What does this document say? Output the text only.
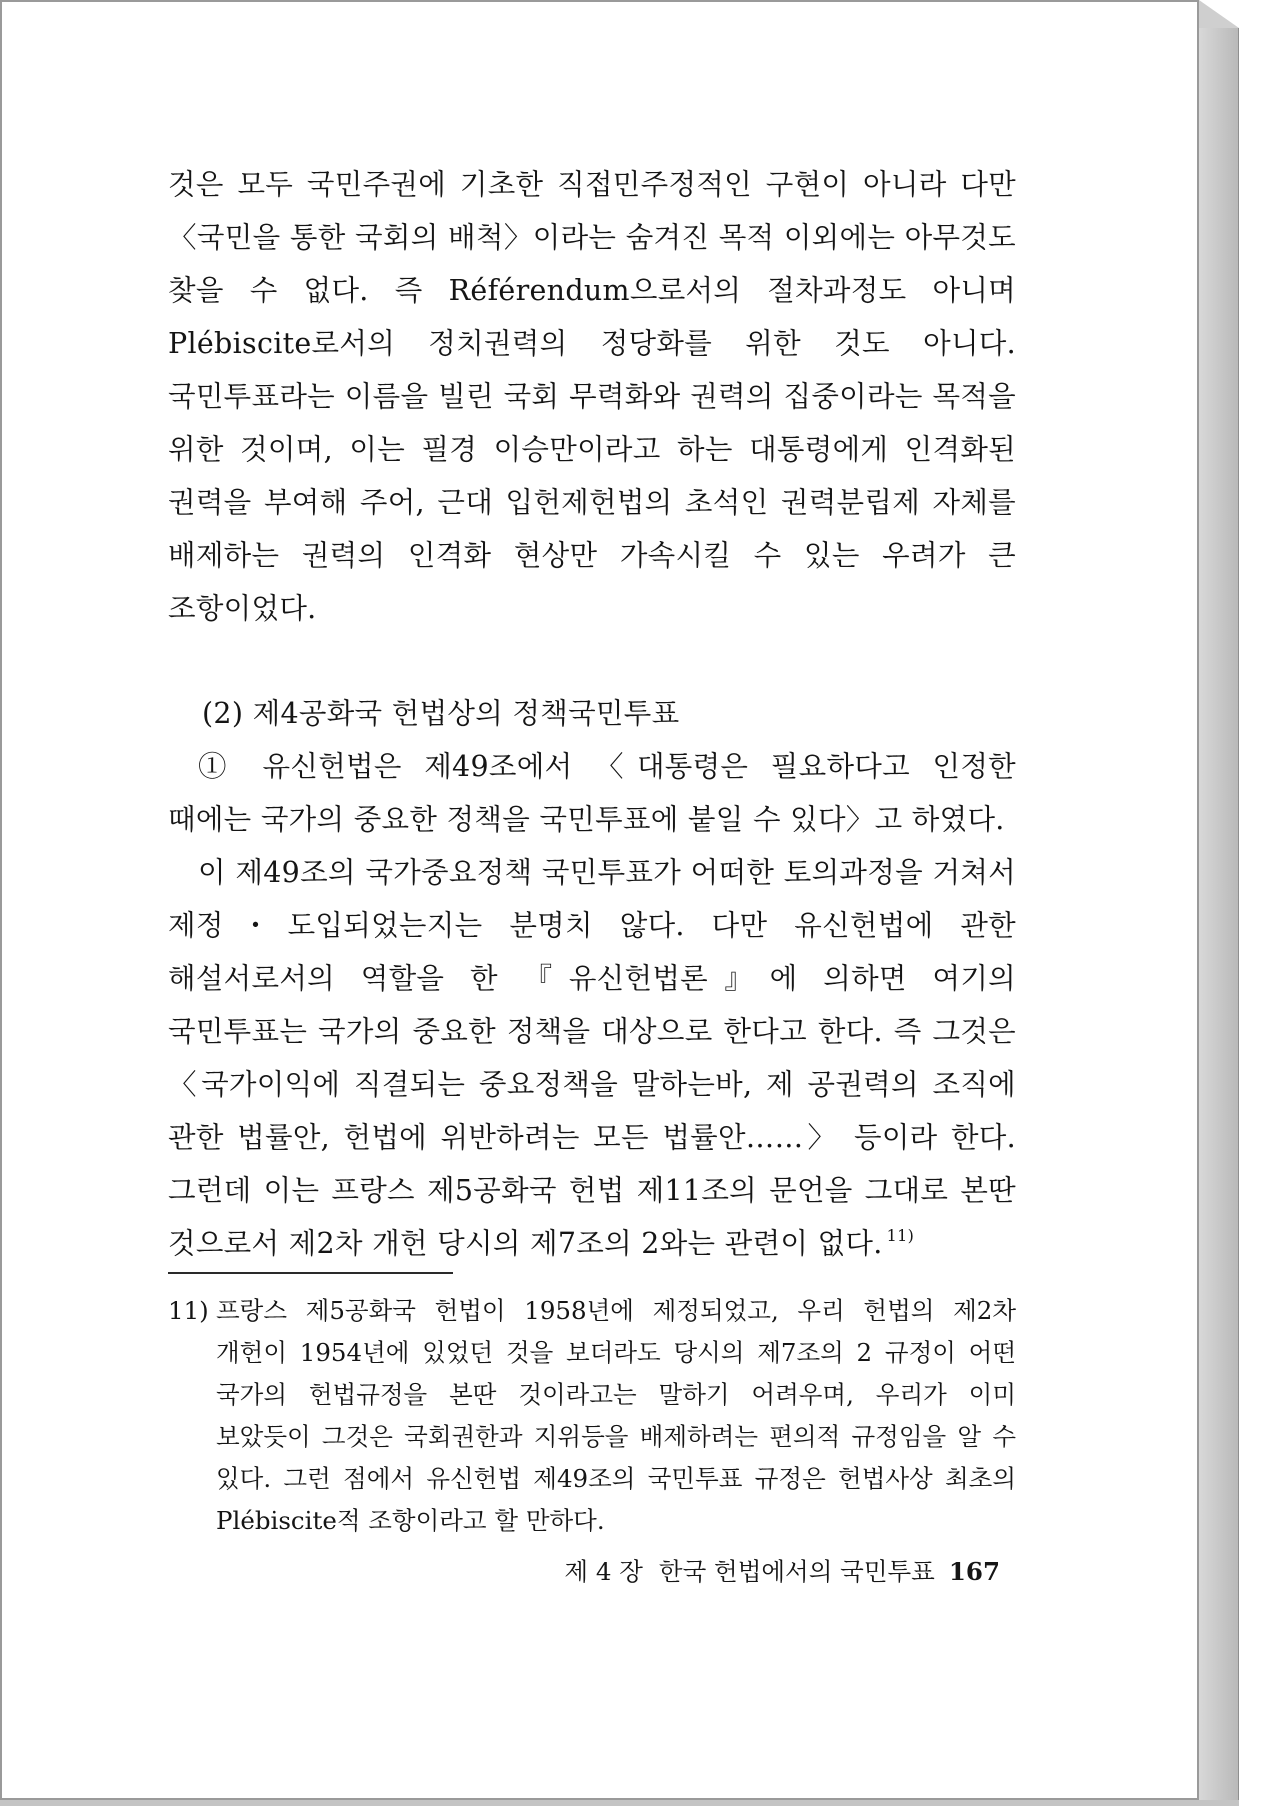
것은 모두 국민주권에 기초한 직접민주정적인 구현이 아니라 다만 〈국민을 통한 국회의 배척〉이라는 숨겨진 목적 이외에는 아무것도 찾을 수 없다. 즉 Référendum으로서의 절차과정도 아니며 Plébiscite로서의 정치권력의 정당화를 위한 것도 아니다. 국민투표라는 이름을 빌린 국회 무력화와 권력의 집중이라는 목적을 위한 것이며, 이는 필경 이승만이라고 하는 대통령에게 인격화된 권력을 부여해 주어, 근대 입헌제헌법의 초석인 권력분립제 자체를 배제하는 권력의 인격화 현상만 가속시킬 수 있는 우려가 큰 조항이었다.

(2) 제4공화국 헌법상의 정책국민투표

① 유신헌법은 제49조에서 〈대통령은 필요하다고 인정한 때에는 국가의 중요한 정책을 국민투표에 붙일 수 있다〉고 하였다.

이 제49조의 국가중요정책 국민투표가 어떠한 토의과정을 거쳐서 제정・도입되었는지는 분명치 않다. 다만 유신헌법에 관한 해설서로서의 역할을 한 『유신헌법론』에 의하면 여기의 국민투표는 국가의 중요한 정책을 대상으로 한다고 한다. 즉 그것은 〈국가이익에 직결되는 중요정책을 말하는바, 제 공권력의 조직에 관한 법률안, 헌법에 위반하려는 모든 법률안……〉 등이라 한다. 그런데 이는 프랑스 제5공화국 헌법 제11조의 문언을 그대로 본딴 것으로서 제2차 개헌 당시의 제7조의 2와는 관련이 없다. $^{11)}$

11) 프랑스 제5공화국 헌법이 1958년에 제정되었고, 우리 헌법의 제2차 개헌이 1954년에 있었던 것을 보더라도 당시의 제7조의 2 규정이 어떤 국가의 헌법규정을 본딴 것이라고는 말하기 어려우며, 우리가 이미 보았듯이 그것은 국회권한과 지위등을 배제하려는 편의적 규정임을 알 수 있다. 그런 점에서 유신헌법 제49조의 국민투표 규정은 헌법사상 최초의 Plébiscite적 조항이라고 할 만하다.
제 4 장 한국 헌법에서의 국민투표 167
